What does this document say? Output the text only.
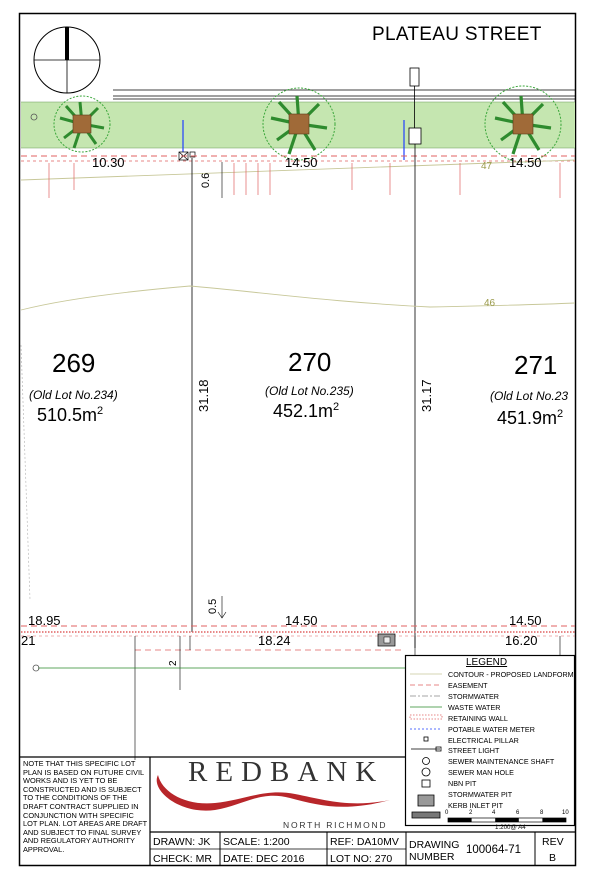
PLATEAU STREET
10.30	14.50	14.50
47
46
0.6
31.18	31.17
269
(Old Lot No.234)
$510.5m^2$
270
(Old Lot No.235)
$452.1m^2$
271
(Old Lot No.23
$451.9m^2$
0.5
18.95	14.50	14.50
21	18.24	16.20
2
NOTE THAT THIS SPECIFIC LOT PLAN IS BASED ON FUTURE CIVIL WORKS AND IS YET TO BE CONSTRUCTED AND IS SUBJECT TO THE CONDITIONS OF THE DRAFT CONTRACT SUPPLIED IN CONJUNCTION WITH SPECIFIC LOT PLAN. LOT AREAS ARE DRAFT AND SUBJECT TO FINAL SURVEY AND REGULATORY AUTHORITY APPROVAL.
REDBANK
NORTH RICHMOND
LEGEND
CONTOUR - PROPOSED LANDFORM
EASEMENT
STORMWATER
WASTE WATER
RETAINING WALL
POTABLE WATER METER
ELECTRICAL PILLAR
STREET LIGHT
SEWER MAINTENANCE SHAFT
SEWER MAN HOLE
NBN PIT
STORMWATER PIT
KERB INLET PIT
0	2	4	6	8	10
1:200@ A4
DRAWN: JK
CHECK: MR
SCALE: 1:200
DATE: DEC 2016
REF: DA10MV
LOT NO: 270
DRAWING
NUMBER
100064-71
REV
B
